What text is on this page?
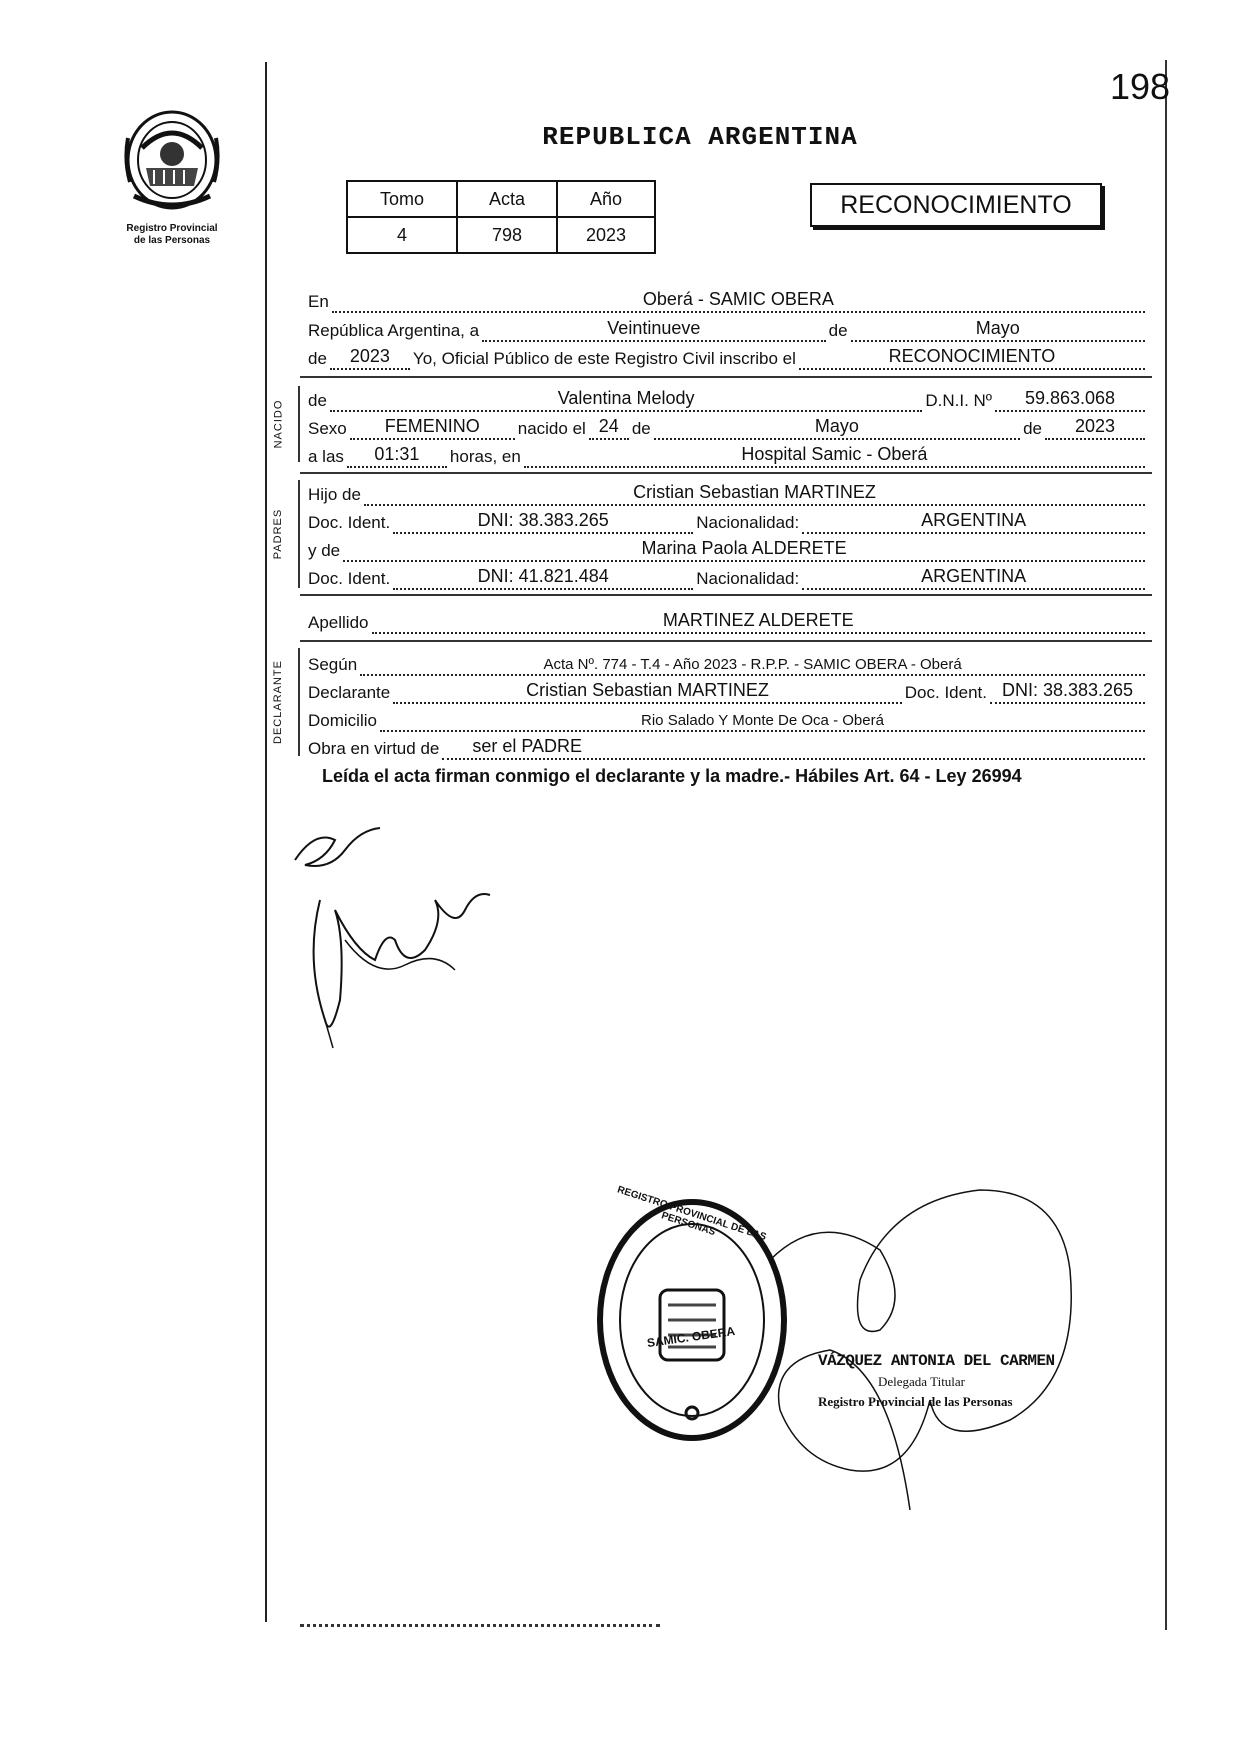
198
Registro Provincial
de las Personas
REPUBLICA ARGENTINA
Tomo	Acta	Año
4	798	2023
RECONOCIMIENTO
En	Oberá - SAMIC OBERA
República Argentina, a	Veintinueve	de	Mayo
de	2023	Yo, Oficial Público de este Registro Civil inscribo el	RECONOCIMIENTO
NACIDO de	Valentina Melody	D.N.I. Nº	59.863.068
Sexo	FEMENINO	nacido el 24 de	Mayo	de	2023
a las	01:31	horas, en	Hospital Samic - Oberá
PADRES
Hijo de	Cristian Sebastian MARTINEZ
Doc. Ident.	DNI: 38.383.265	Nacionalidad:	ARGENTINA
y de	Marina Paola ALDERETE
Doc. Ident.	DNI: 41.821.484	Nacionalidad:	ARGENTINA
Apellido	MARTINEZ ALDERETE
DECLARANTE Según	Acta Nº. 774 - T.4 - Año 2023 - R.P.P. - SAMIC OBERA - Oberá
Declarante	Cristian Sebastian MARTINEZ	Doc. Ident. DNI: 38.383.265
Domicilio	Rio Salado Y Monte De Oca - Oberá
Obra en virtud de	ser el PADRE
Leída el acta firman conmigo el declarante y la madre.- Hábiles Art. 64 - Ley 26994
SAMIC. OBERA
REGISTRO PROVINCIAL DE LAS PERSONAS
VÁZQUEZ ANTONIA DEL CARMEN
Delegada Titular
Registro Provincial de las Personas
